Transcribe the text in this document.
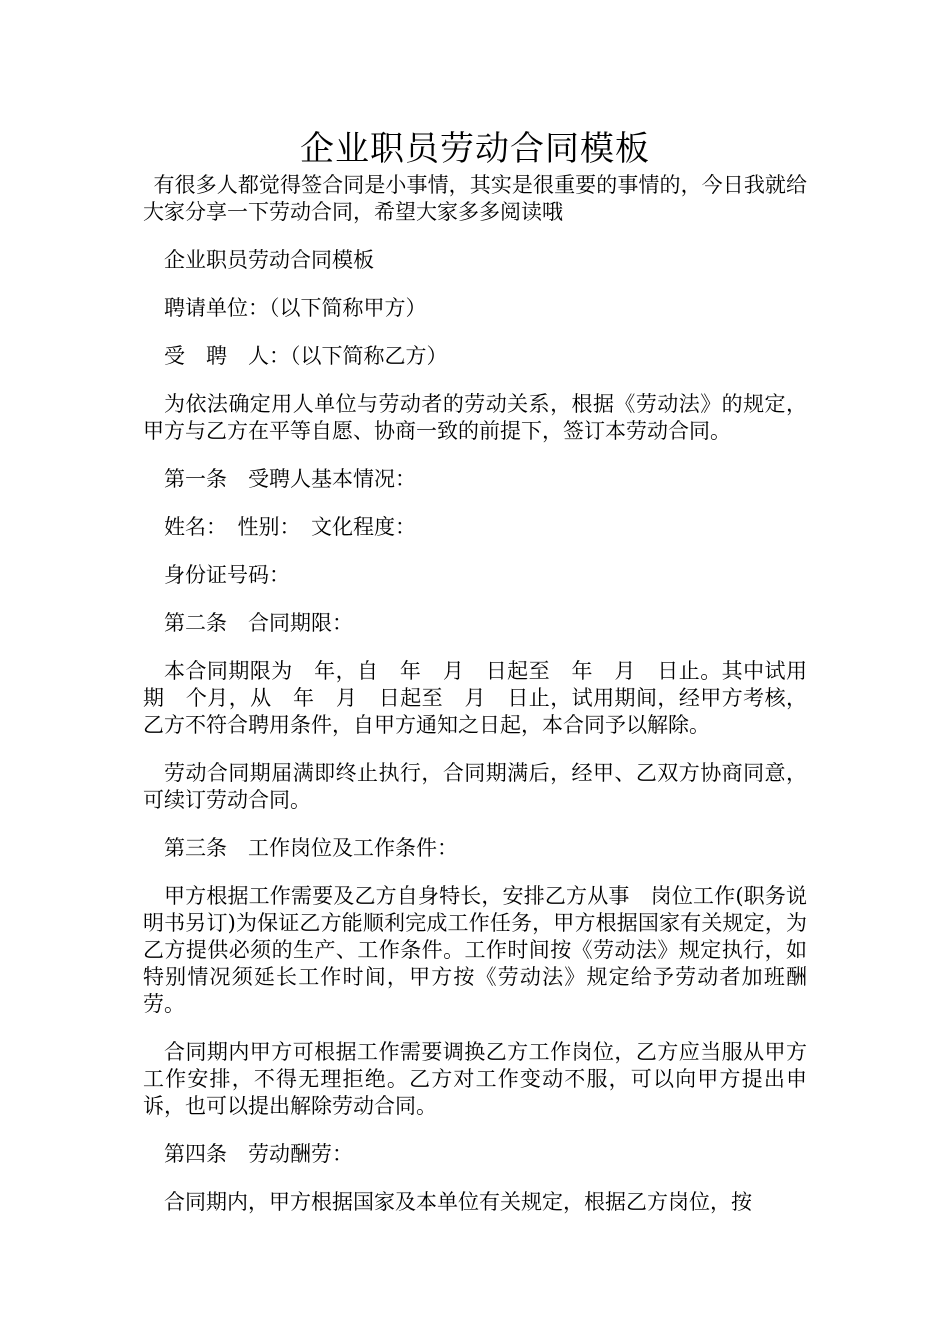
企业职员劳动合同模板

有很多人都觉得签合同是小事情，其实是很重要的事情的，今日我就给大家分享一下劳动合同，希望大家多多阅读哦

企业职员劳动合同模板

聘请单位：（以下简称甲方）

受　聘　人：（以下简称乙方）

为依法确定用人单位与劳动者的劳动关系，根据《劳动法》的规定，甲方与乙方在平等自愿、协商一致的前提下，签订本劳动合同。

第一条　受聘人基本情况：

姓名：　性别：　文化程度：

身份证号码：

第二条　合同期限：

本合同期限为　年，自　年　月　日起至　年　月　日止。其中试用期　个月，从　年　月　日起至　月　日止，试用期间，经甲方考核，乙方不符合聘用条件，自甲方通知之日起，本合同予以解除。

劳动合同期届满即终止执行，合同期满后，经甲、乙双方协商同意，可续订劳动合同。

第三条　工作岗位及工作条件：

甲方根据工作需要及乙方自身特长，安排乙方从事　岗位工作(职务说明书另订)为保证乙方能顺利完成工作任务，甲方根据国家有关规定，为乙方提供必须的生产、工作条件。工作时间按《劳动法》规定执行，如特别情况须延长工作时间，甲方按《劳动法》规定给予劳动者加班酬劳。

合同期内甲方可根据工作需要调换乙方工作岗位，乙方应当服从甲方工作安排，不得无理拒绝。乙方对工作变动不服，可以向甲方提出申诉，也可以提出解除劳动合同。

第四条　劳动酬劳：

合同期内，甲方根据国家及本单位有关规定，根据乙方岗位，按
